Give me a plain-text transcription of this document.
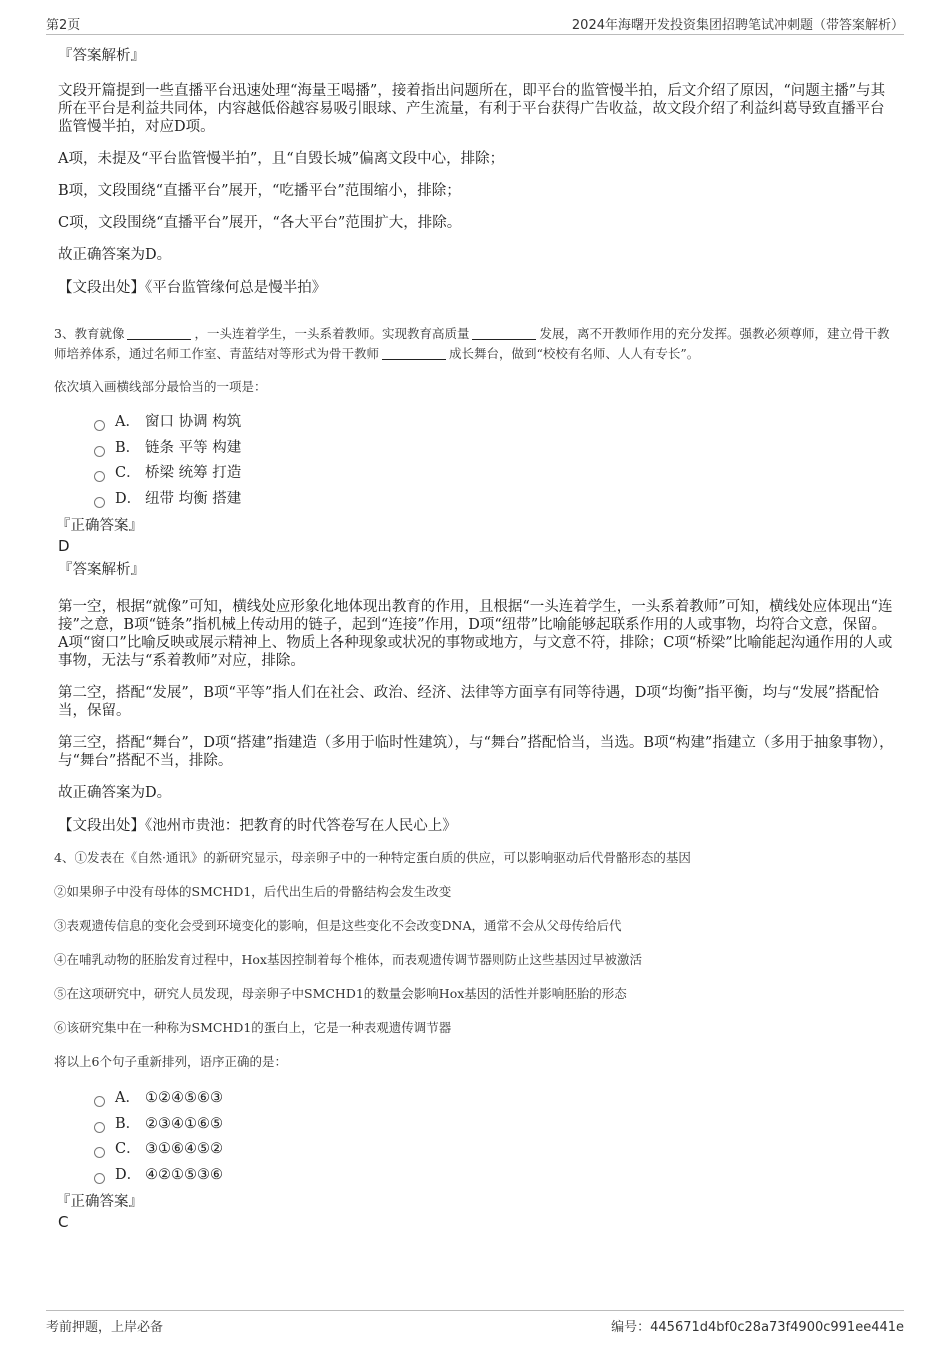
第2页	2024年海曙开发投资集团招聘笔试冲刺题（带答案解析）
『答案解析』
文段开篇提到一些直播平台迅速处理“海量王喝播”，接着指出问题所在，即平台的监管慢半拍，后文介绍了原因，“问题主播”与其所在平台是利益共同体，内容越低俗越容易吸引眼球、产生流量，有利于平台获得广告收益，故文段介绍了利益纠葛导致直播平台监管慢半拍，对应D项。
A项，未提及“平台监管慢半拍”，且“自毁长城”偏离文段中心，排除；
B项，文段围绕“直播平台”展开，“吃播平台”范围缩小，排除；
C项，文段围绕“直播平台”展开，“各大平台”范围扩大，排除。
故正确答案为D。
【文段出处】《平台监管缘何总是慢半拍》
3、教育就像	，一头连着学生，一头系着教师。实现教育高质量	发展，离不开教师作用的充分发挥。强教必须尊师，建立骨干教师培养体系，通过名师工作室、青蓝结对等形式为骨干教师	成长舞台，做到“校校有名师、人人有专长”。
依次填入画横线部分最恰当的一项是：
A． 窗口 协调 构筑
B． 链条 平等 构建
C． 桥梁 统筹 打造
D． 纽带 均衡 搭建
『正确答案』
D
『答案解析』
第一空，根据“就像”可知，横线处应形象化地体现出教育的作用，且根据“一头连着学生，一头系着教师”可知，横线处应体现出“连接”之意，B项“链条”指机械上传动用的链子，起到“连接”作用，D项“纽带”比喻能够起联系作用的人或事物，均符合文意，保留。A项“窗口”比喻反映或展示精神上、物质上各种现象或状况的事物或地方，与文意不符，排除；C项“桥梁”比喻能起沟通作用的人或事物，无法与“系着教师”对应，排除。
第二空，搭配“发展”，B项“平等”指人们在社会、政治、经济、法律等方面享有同等待遇，D项“均衡”指平衡，均与“发展”搭配恰当，保留。
第三空，搭配“舞台”，D项“搭建”指建造（多用于临时性建筑），与“舞台”搭配恰当，当选。B项“构建”指建立（多用于抽象事物），与“舞台”搭配不当，排除。
故正确答案为D。
【文段出处】《池州市贵池：把教育的时代答卷写在人民心上》
4、①发表在《自然·通讯》的新研究显示，母亲卵子中的一种特定蛋白质的供应，可以影响驱动后代骨骼形态的基因
②如果卵子中没有母体的SMCHD1，后代出生后的骨骼结构会发生改变
③表观遗传信息的变化会受到环境变化的影响，但是这些变化不会改变DNA，通常不会从父母传给后代
④在哺乳动物的胚胎发育过程中，Hox基因控制着每个椎体，而表观遗传调节器则防止这些基因过早被激活
⑤在这项研究中，研究人员发现，母亲卵子中SMCHD1的数量会影响Hox基因的活性并影响胚胎的形态
⑥该研究集中在一种称为SMCHD1的蛋白上，它是一种表观遗传调节器
将以上6个句子重新排列，语序正确的是：
A． ①②④⑤⑥③
B． ②③④①⑥⑤
C． ③①⑥④⑤②
D． ④②①⑤③⑥
『正确答案』
C
考前押题，上岸必备	编号：445671d4bf0c28a73f4900c991ee441e
